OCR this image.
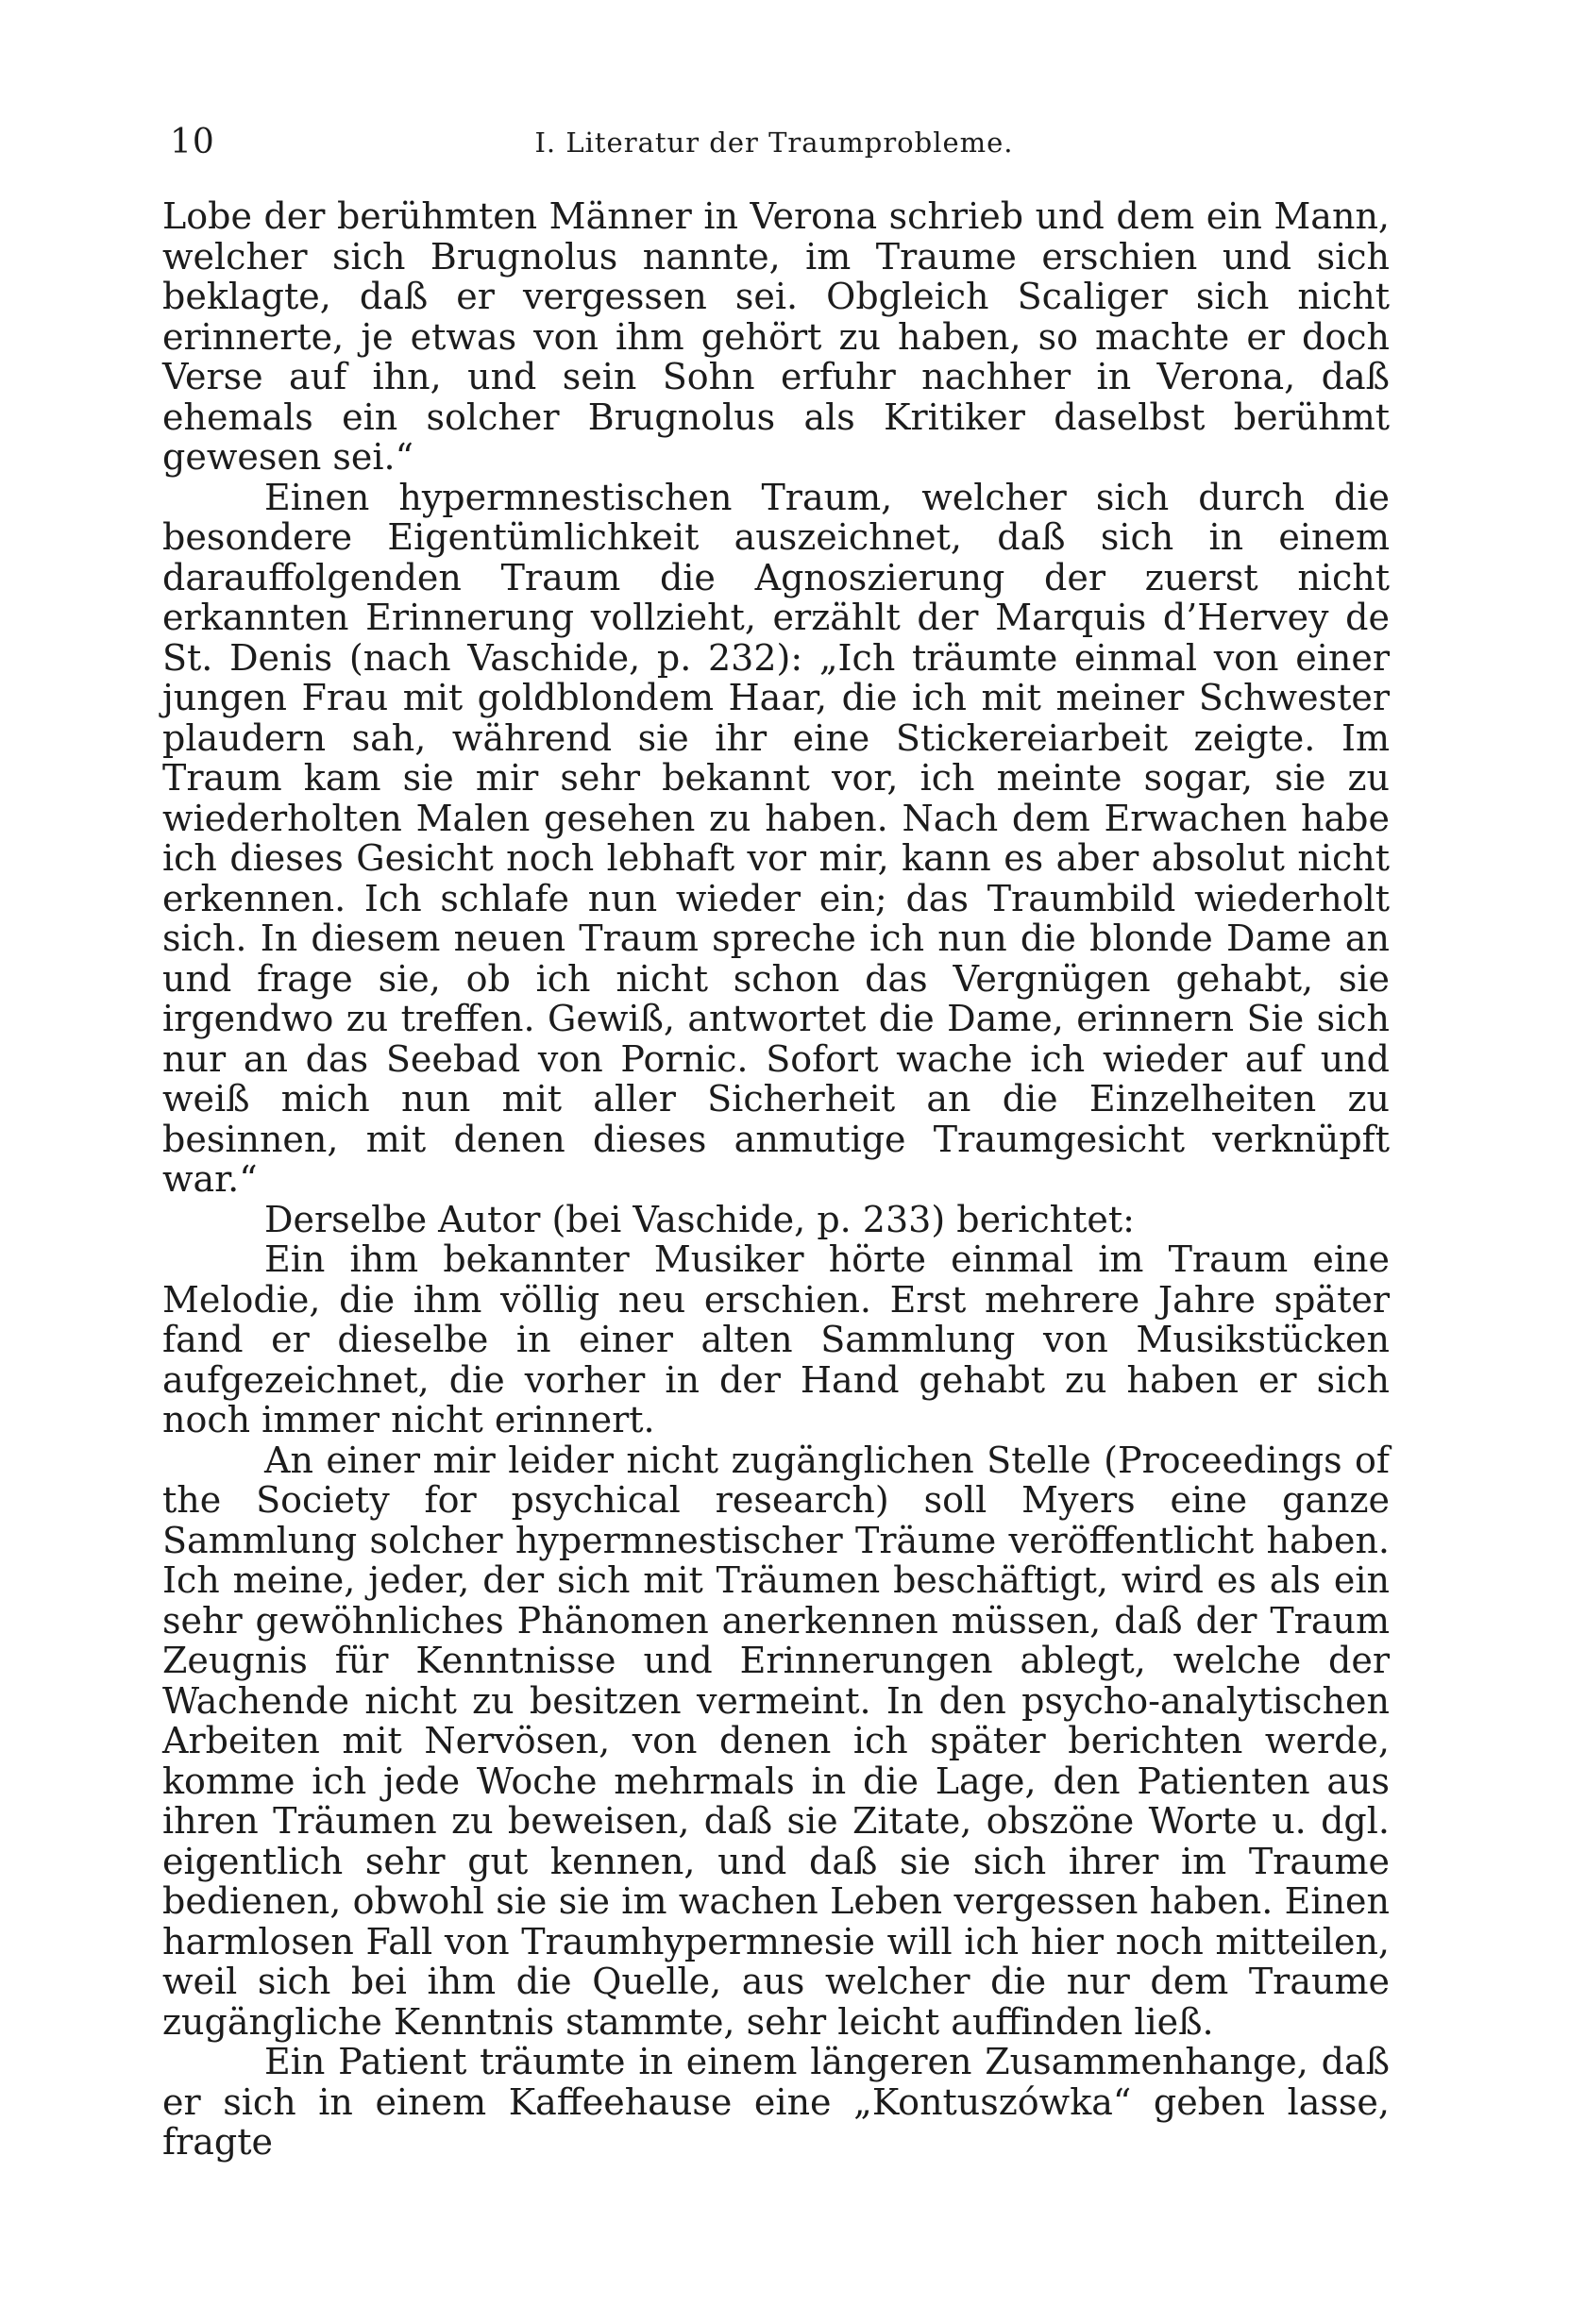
10	I. Literatur der Traumprobleme.

Lobe der berühmten Männer in Verona schrieb und dem ein Mann, welcher sich Brugnolus nannte, im Traume erschien und sich beklagte, daß er vergessen sei. Obgleich Scaliger sich nicht erinnerte, je etwas von ihm gehört zu haben, so machte er doch Verse auf ihn, und sein Sohn erfuhr nachher in Verona, daß ehemals ein solcher Brugnolus als Kritiker daselbst berühmt gewesen sei.“

Einen hypermnestischen Traum, welcher sich durch die besondere Eigentümlichkeit auszeichnet, daß sich in einem darauffolgenden Traum die Agnoszierung der zuerst nicht erkannten Erinnerung vollzieht, erzählt der Marquis d’Hervey de St. Denis (nach Vaschide, p. 232): „Ich träumte einmal von einer jungen Frau mit goldblondem Haar, die ich mit meiner Schwester plaudern sah, während sie ihr eine Stickereiarbeit zeigte. Im Traum kam sie mir sehr bekannt vor, ich meinte sogar, sie zu wiederholten Malen gesehen zu haben. Nach dem Erwachen habe ich dieses Gesicht noch lebhaft vor mir, kann es aber absolut nicht erkennen. Ich schlafe nun wieder ein; das Traumbild wiederholt sich. In diesem neuen Traum spreche ich nun die blonde Dame an und frage sie, ob ich nicht schon das Vergnügen gehabt, sie irgendwo zu treffen. Gewiß, antwortet die Dame, erinnern Sie sich nur an das Seebad von Pornic. Sofort wache ich wieder auf und weiß mich nun mit aller Sicherheit an die Einzelheiten zu besinnen, mit denen dieses anmutige Traumgesicht verknüpft war.“

Derselbe Autor (bei Vaschide, p. 233) berichtet:

Ein ihm bekannter Musiker hörte einmal im Traum eine Melodie, die ihm völlig neu erschien. Erst mehrere Jahre später fand er dieselbe in einer alten Sammlung von Musikstücken aufgezeichnet, die vorher in der Hand gehabt zu haben er sich noch immer nicht erinnert.

An einer mir leider nicht zugänglichen Stelle (Proceedings of the Society for psychical research) soll Myers eine ganze Sammlung solcher hypermnestischer Träume veröffentlicht haben. Ich meine, jeder, der sich mit Träumen beschäftigt, wird es als ein sehr gewöhnliches Phänomen anerkennen müssen, daß der Traum Zeugnis für Kenntnisse und Erinnerungen ablegt, welche der Wachende nicht zu besitzen vermeint. In den psycho-analytischen Arbeiten mit Nervösen, von denen ich später berichten werde, komme ich jede Woche mehrmals in die Lage, den Patienten aus ihren Träumen zu beweisen, daß sie Zitate, obszöne Worte u. dgl. eigentlich sehr gut kennen, und daß sie sich ihrer im Traume bedienen, obwohl sie sie im wachen Leben vergessen haben. Einen harmlosen Fall von Traumhypermnesie will ich hier noch mitteilen, weil sich bei ihm die Quelle, aus welcher die nur dem Traume zugängliche Kenntnis stammte, sehr leicht auffinden ließ.

Ein Patient träumte in einem längeren Zusammenhange, daß er sich in einem Kaffeehause eine „Kontuszówka“ geben lasse, fragte
